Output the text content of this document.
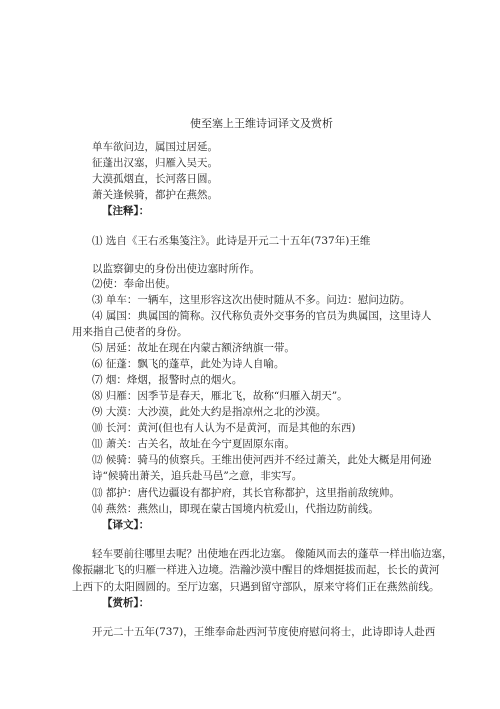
使至塞上王维诗词译文及赏析
单车欲问边，属国过居延。
征蓬出汉塞，归雁入吴天。
大漠孤烟直，长河落日圆。
萧关逢候骑，都护在燕然。
【注释】：
⑴ 选自《王右丞集笺注》。此诗是开元二十五年(737年)王维
以监察御史的身份出使边塞时所作。
⑵使：奉命出使。
⑶ 单车：一辆车，这里形容这次出使时随从不多。问边：慰问边防。
⑷ 属国：典属国的简称。汉代称负责外交事务的官员为典属国，这里诗人
用来指自己使者的身份。
⑸ 居延：故址在现在内蒙古额济纳旗一带。
⑹ 征蓬：飘飞的蓬草，此处为诗人自喻。
⑺ 烟：烽烟，报警时点的烟火。
⑻ 归雁：因季节是春天，雁北飞，故称“归雁入胡天”。
⑼ 大漠：大沙漠，此处大约是指凉州之北的沙漠。
⑽ 长河：黄河(但也有人认为不是黄河，而是其他的东西)
⑾ 萧关：古关名，故址在今宁夏固原东南。
⑿ 候骑：骑马的侦察兵。王维出使河西并不经过萧关，此处大概是用何逊
诗“候骑出萧关，追兵赴马邑”之意，非实写。
⒀ 都护：唐代边疆设有都护府，其长官称都护，这里指前敌统帅。
⒁ 燕然：燕然山，即现在蒙古国境内杭爱山，代指边防前线。
【译文】：
轻车要前往哪里去呢？出使地在西北边塞。 像随风而去的蓬草一样出临边塞，
像振翮北飞的归雁一样进入边境。浩瀚沙漠中醒目的烽烟挺拔而起，长长的黄河
上西下的太阳圆圆的。至厅边塞，只遇到留守部队，原来守将们正在燕然前线。
【赏析】：
开元二十五年(737)，王维奉命赴西河节度使府慰问将士，此诗即诗人赴西
